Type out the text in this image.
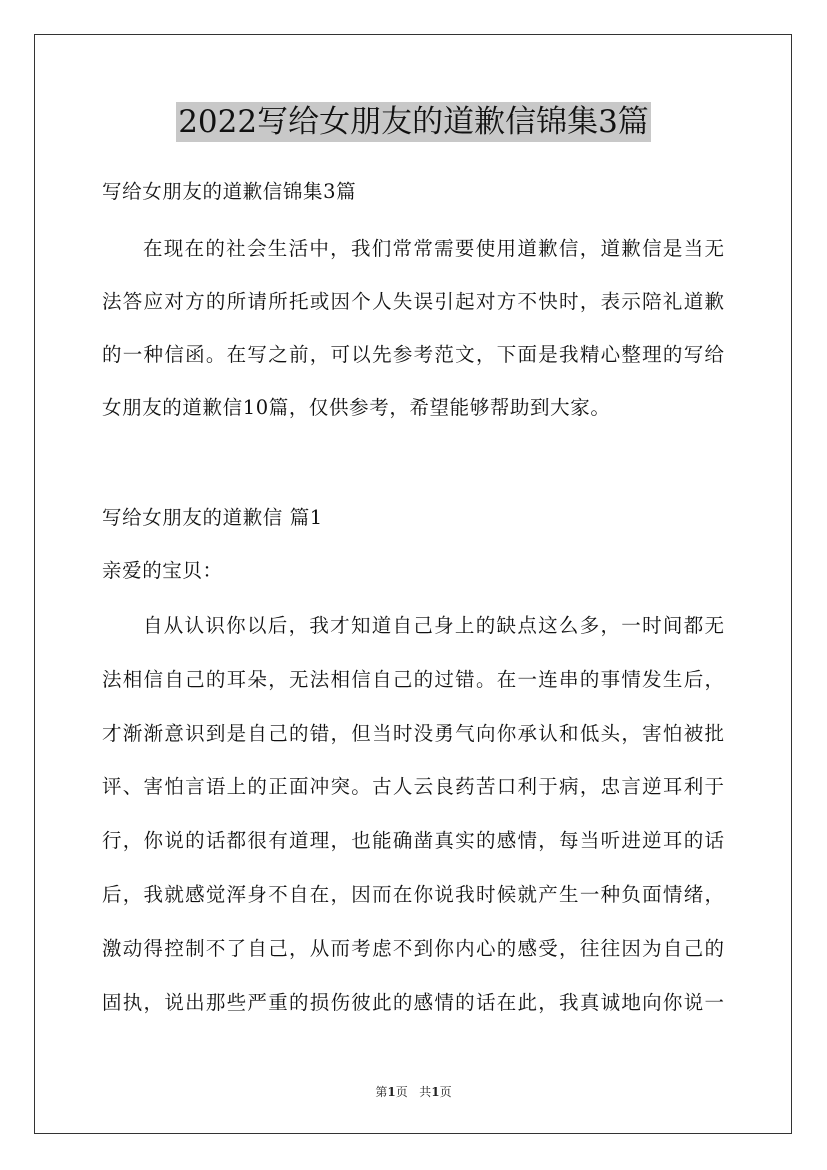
2022写给女朋友的道歉信锦集3篇
写给女朋友的道歉信锦集3篇
在现在的社会生活中，我们常常需要使用道歉信，道歉信是当无
法答应对方的所请所托或因个人失误引起对方不快时，表示陪礼道歉
的一种信函。在写之前，可以先参考范文，下面是我精心整理的写给
女朋友的道歉信10篇，仅供参考，希望能够帮助到大家。
写给女朋友的道歉信 篇1
亲爱的宝贝：
自从认识你以后，我才知道自己身上的缺点这么多，一时间都无
法相信自己的耳朵，无法相信自己的过错。在一连串的事情发生后，
才渐渐意识到是自己的错，但当时没勇气向你承认和低头，害怕被批
评、害怕言语上的正面冲突。古人云良药苦口利于病，忠言逆耳利于
行，你说的话都很有道理，也能确凿真实的感情，每当听进逆耳的话
后，我就感觉浑身不自在，因而在你说我时候就产生一种负面情绪，
激动得控制不了自己，从而考虑不到你内心的感受，往往因为自己的
固执，说出那些严重的损伤彼此的感情的话在此，我真诚地向你说一
第1页 共1页
